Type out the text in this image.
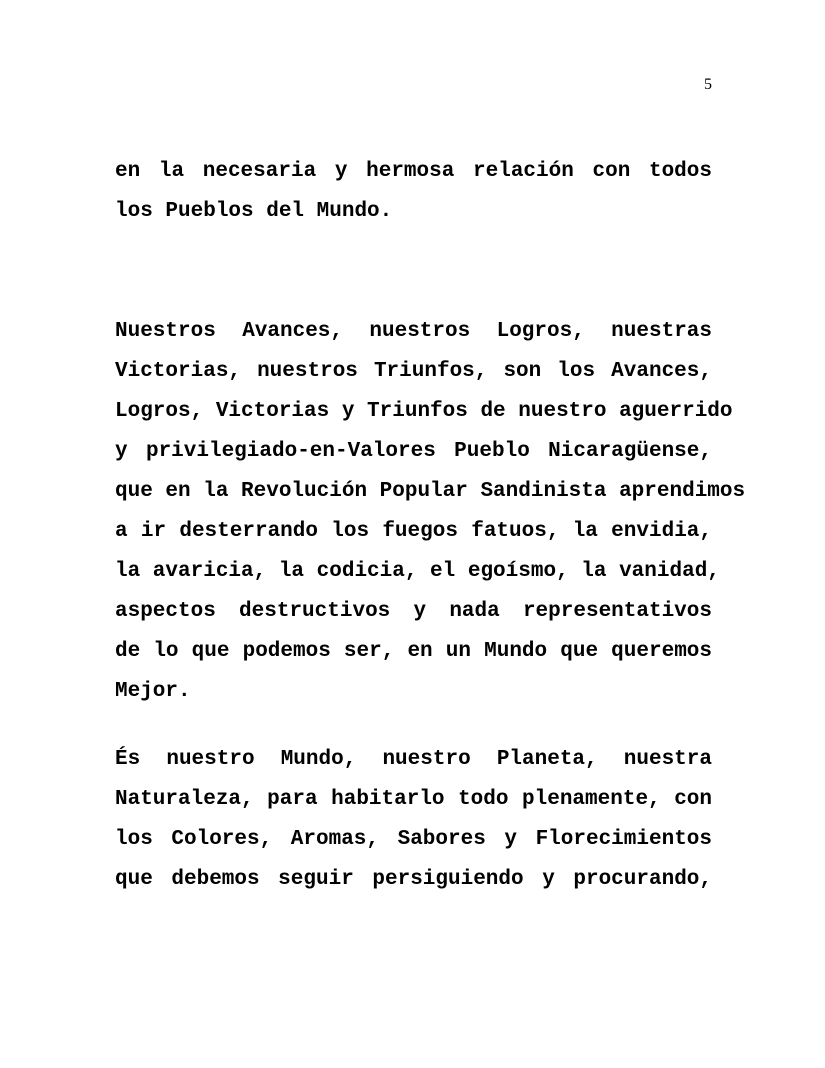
5
en la necesaria y hermosa relación con todos
los Pueblos del Mundo.
Nuestros Avances, nuestros Logros, nuestras
Victorias, nuestros Triunfos, son los Avances,
Logros, Victorias y Triunfos de nuestro aguerrido
y privilegiado-en-Valores Pueblo Nicaragüense,
que en la Revolución Popular Sandinista aprendimos
a ir desterrando los fuegos fatuos, la envidia,
la avaricia, la codicia, el egoísmo, la vanidad,
aspectos destructivos y nada representativos
de lo que podemos ser, en un Mundo que queremos
Mejor.
És nuestro Mundo, nuestro Planeta, nuestra
Naturaleza, para habitarlo todo plenamente, con
los Colores, Aromas, Sabores y Florecimientos
que debemos seguir persiguiendo y procurando,
